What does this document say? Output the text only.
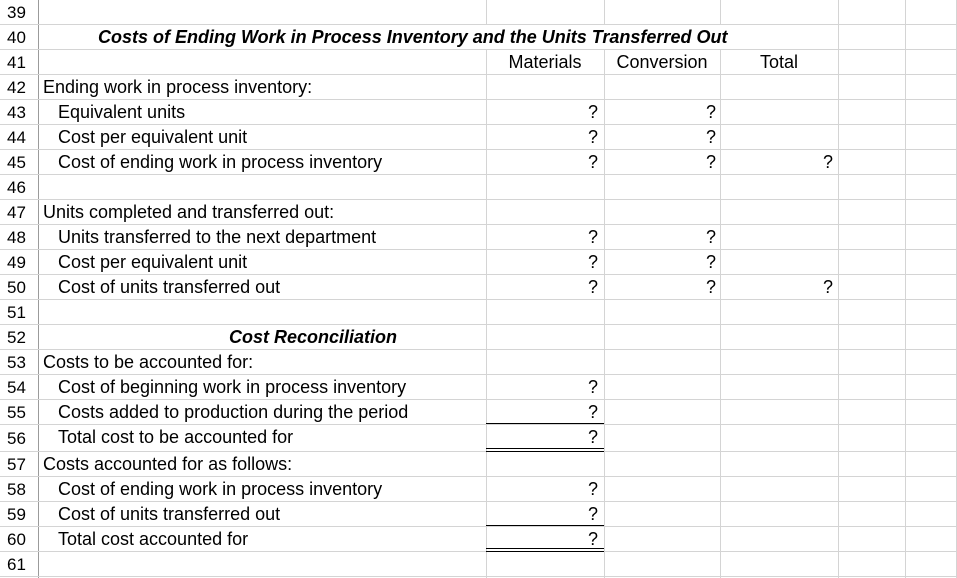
39
40
41
42
43
44
45
46
47
48
49
50
51
52
53
54
55
56
57
58
59
60
61
Costs of Ending Work in Process Inventory and the Units Transferred Out
Materials	Conversion	Total
Ending work in process inventory:
Equivalent units	?	?
Cost per equivalent unit	?	?
Cost of ending work in process inventory	?	?	?
Units completed and transferred out:
Units transferred to the next department	?	?
Cost per equivalent unit	?	?
Cost of units transferred out	?	?	?
Cost Reconciliation
Costs to be accounted for:
Cost of beginning work in process inventory	?
Costs added to production during the period	?
Total cost to be accounted for	?
Costs accounted for as follows:
Cost of ending work in process inventory	?
Cost of units transferred out	?
Total cost accounted for	?
